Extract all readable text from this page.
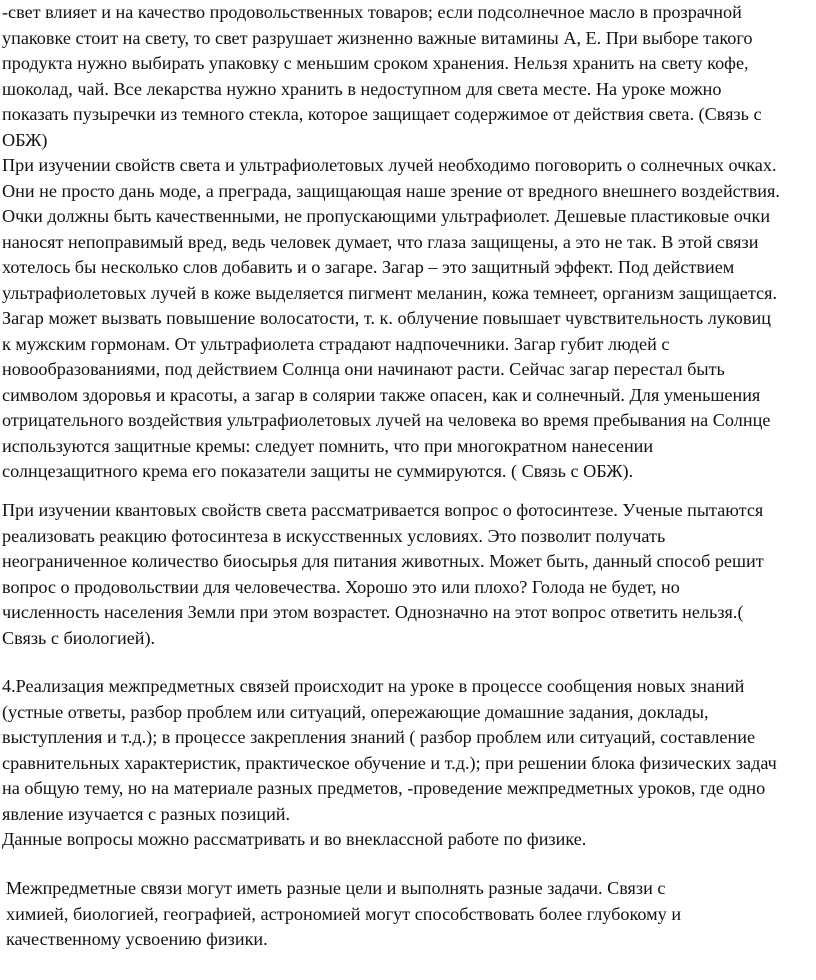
-свет влияет и на качество продовольственных товаров; если подсолнечное масло в прозрачной
упаковке стоит на свету, то свет разрушает жизненно важные витамины А, Е. При выборе такого
продукта нужно выбирать упаковку с меньшим сроком хранения. Нельзя хранить на свету кофе,
шоколад, чай. Все лекарства нужно хранить в недоступном для света месте. На уроке можно
показать пузыречки из темного стекла, которое защищает содержимое от действия света. (Связь с
ОБЖ)

При изучении свойств света и ультрафиолетовых лучей необходимо поговорить о солнечных очках.
Они не просто дань моде, а преграда, защищающая наше зрение от вредного внешнего воздействия.
Очки должны быть качественными, не пропускающими ультрафиолет. Дешевые пластиковые очки
наносят непоправимый вред, ведь человек думает, что глаза защищены, а это не так. В этой связи
хотелось бы несколько слов добавить и о загаре. Загар – это защитный эффект. Под действием
ультрафиолетовых лучей в коже выделяется пигмент меланин, кожа темнеет, организм защищается.
Загар может вызвать повышение волосатости, т. к. облучение повышает чувствительность луковиц
к мужским гормонам. От ультрафиолета страдают надпочечники. Загар губит людей с
новообразованиями, под действием Солнца они начинают расти. Сейчас загар перестал быть
символом здоровья и красоты, а загар в солярии также опасен, как и солнечный. Для уменьшения
отрицательного воздействия ультрафиолетовых лучей на человека во время пребывания на Солнце
используются защитные кремы: следует помнить, что при многократном нанесении
солнцезащитного крема его показатели защиты не суммируются. ( Связь с ОБЖ).

При изучении квантовых свойств света рассматривается вопрос о фотосинтезе. Ученые пытаются
реализовать реакцию фотосинтеза в искусственных условиях. Это позволит получать
неограниченное количество биосырья для питания животных. Может быть, данный способ решит
вопрос о продовольствии для человечества. Хорошо это или плохо? Голода не будет, но
численность населения Земли при этом возрастет. Однозначно на этот вопрос ответить нельзя.(
Связь с биологией).

4.Реализация межпредметных связей происходит на уроке в процессе сообщения новых знаний
(устные ответы, разбор проблем или ситуаций, опережающие домашние задания, доклады,
выступления и т.д.); в процессе закрепления знаний ( разбор проблем или ситуаций, составление
сравнительных характеристик, практическое обучение и т.д.); при решении блока физических задач
на общую тему, но на материале разных предметов, -проведение межпредметных уроков, где одно
явление изучается с разных позиций.
Данные вопросы можно рассматривать и во внеклассной работе по физике.

Межпредметные связи могут иметь разные цели и выполнять разные задачи. Связи с
химией, биологией, географией, астрономией могут способствовать более глубокому и
качественному усвоению физики.
